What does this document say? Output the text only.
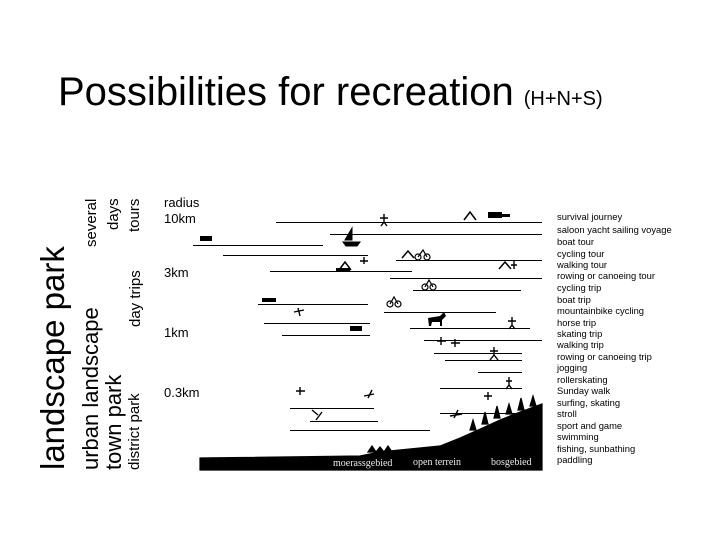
Possibilities for recreation (H+N+S)
landscape park urban landscape
town park district park
several days tours
day trips
radius
10km
3km
1km
0.3km
survival journey
saloon yacht sailing voyage
boat tour
cycling tour
walking tour
rowing or canoeing tour
cycling trip
boat trip
mountainbike cycling
horse trip
skating trip
walking trip
rowing or canoeing trip
jogging
rollerskating
Sunday walk
surfing, skating
stroll
sport and game
swimming
fishing, sunbathing
paddling
moerassgebied open terrein	bosgebied
